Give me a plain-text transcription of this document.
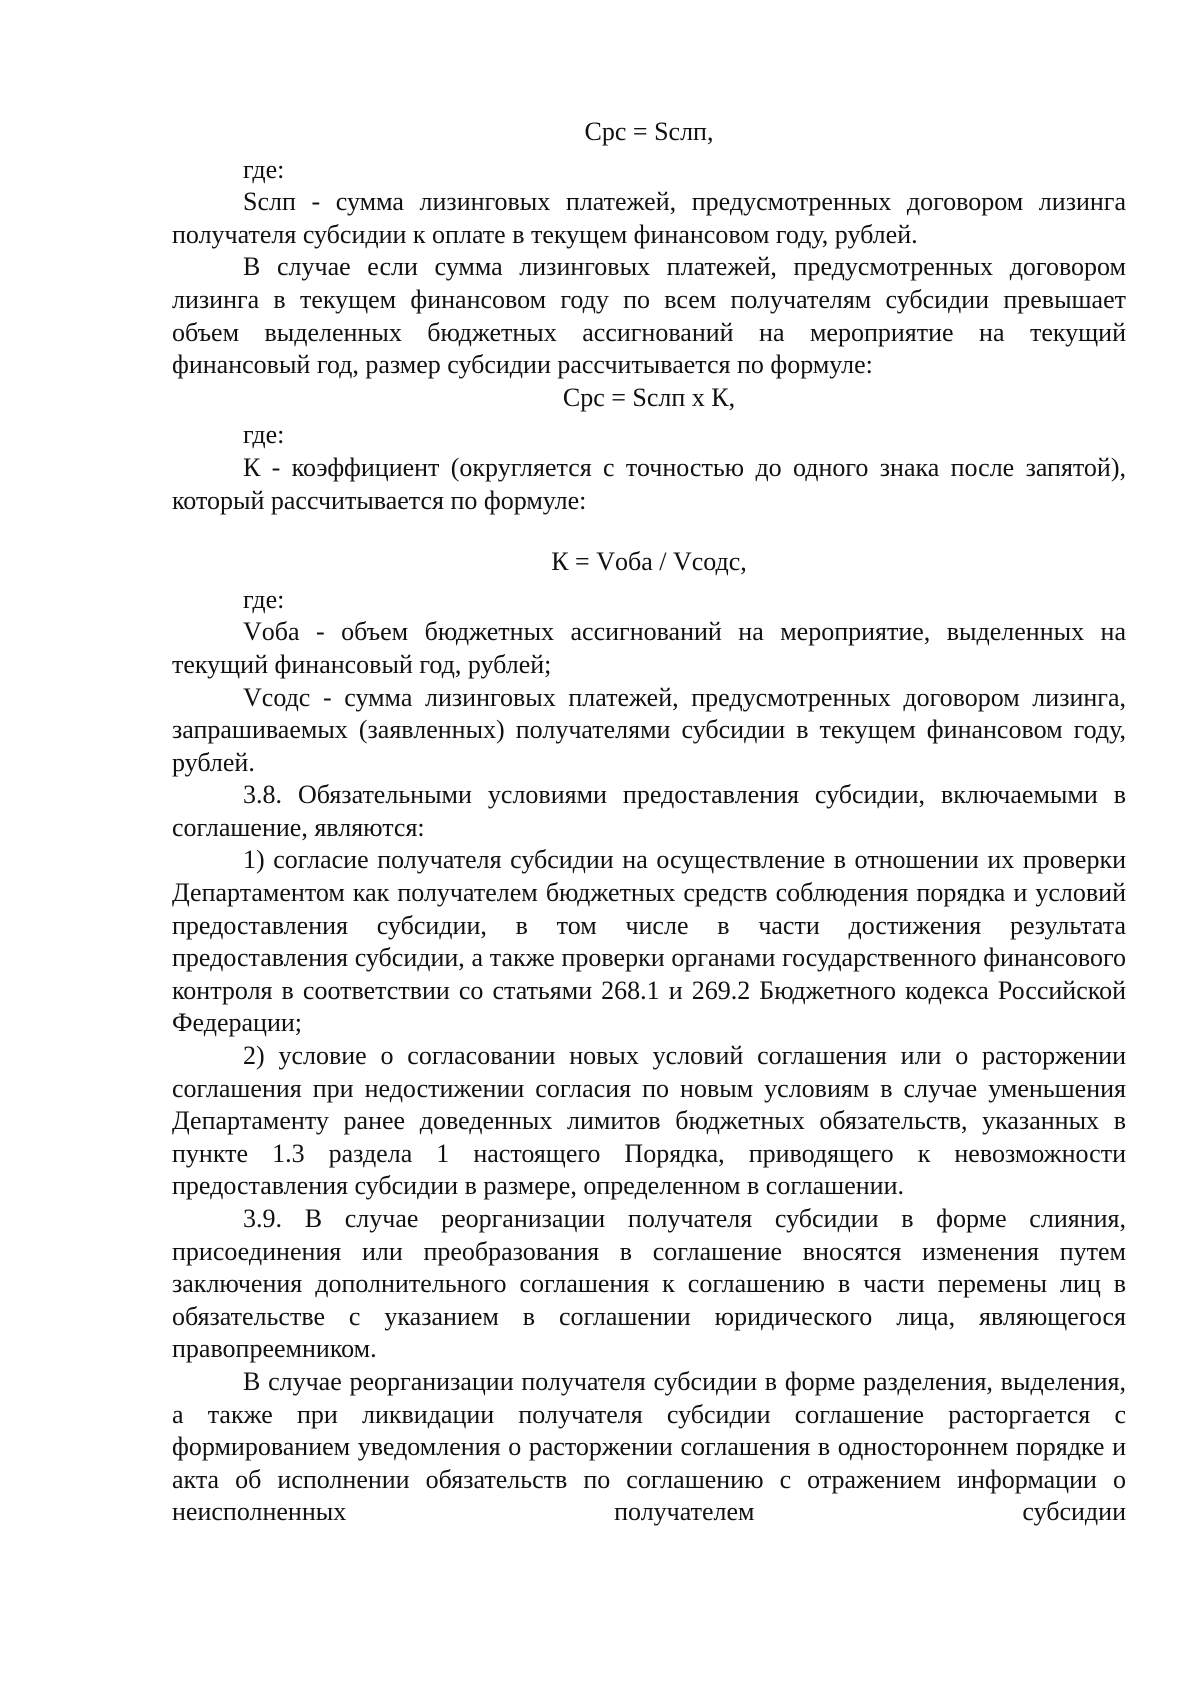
Срс = Sслп,

где:

Sслп - сумма лизинговых платежей, предусмотренных договором лизинга получателя субсидии к оплате в текущем финансовом году, рублей.

В случае если сумма лизинговых платежей, предусмотренных договором лизинга в текущем финансовом году по всем получателям субсидии превышает объем выделенных бюджетных ассигнований на мероприятие на текущий финансовый год, размер субсидии рассчитывается по формуле:

Срс = Sслп х К,

где:

К - коэффициент (округляется с точностью до одного знака после запятой), который рассчитывается по формуле:

К = Vоба / Vсодс,

где:

Vоба - объем бюджетных ассигнований на мероприятие, выделенных на текущий финансовый год, рублей;

Vсодс - сумма лизинговых платежей, предусмотренных договором лизинга, запрашиваемых (заявленных) получателями субсидии в текущем финансовом году, рублей.

3.8. Обязательными условиями предоставления субсидии, включаемыми в соглашение, являются:

1) согласие получателя субсидии на осуществление в отношении их проверки Департаментом как получателем бюджетных средств соблюдения порядка и условий предоставления субсидии, в том числе в части достижения результата предоставления субсидии, а также проверки органами государственного финансового контроля в соответствии со статьями 268.1 и 269.2 Бюджетного кодекса Российской Федерации;

2) условие о согласовании новых условий соглашения или о расторжении соглашения при недостижении согласия по новым условиям в случае уменьшения Департаменту ранее доведенных лимитов бюджетных обязательств, указанных в пункте 1.3 раздела 1 настоящего Порядка, приводящего к невозможности предоставления субсидии в размере, определенном в соглашении.

3.9. В случае реорганизации получателя субсидии в форме слияния, присоединения или преобразования в соглашение вносятся изменения путем заключения дополнительного соглашения к соглашению в части перемены лиц в обязательстве с указанием в соглашении юридического лица, являющегося правопреемником.

В случае реорганизации получателя субсидии в форме разделения, выделения, а также при ликвидации получателя субсидии соглашение расторгается с формированием уведомления о расторжении соглашения в одностороннем порядке и акта об исполнении обязательств по соглашению с отражением информации о неисполненных получателем субсидии
